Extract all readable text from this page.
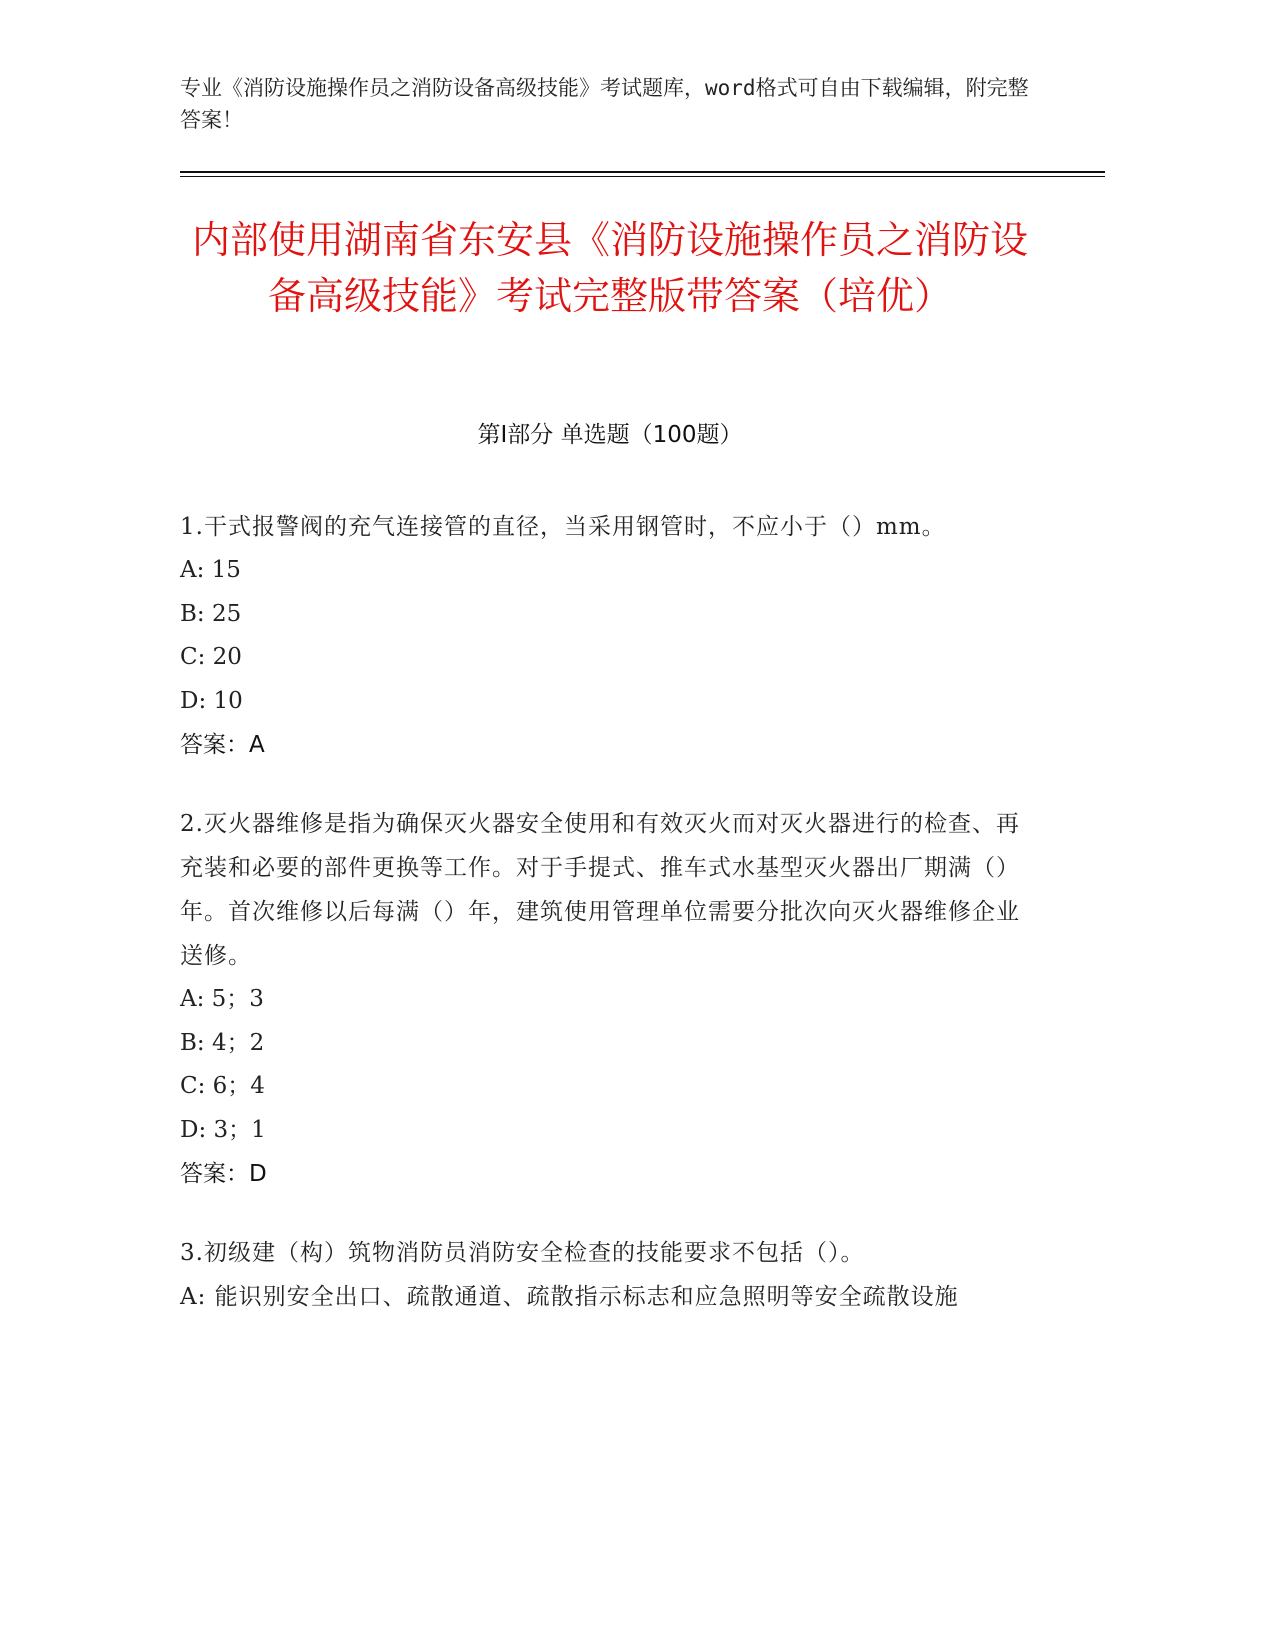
专业《消防设施操作员之消防设备高级技能》考试题库，word格式可自由下载编辑，附完整答案！
内部使用湖南省东安县《消防设施操作员之消防设备高级技能》考试完整版带答案（培优）
第Ⅰ部分 单选题（100题）
1.干式报警阀的充气连接管的直径，当采用钢管时，不应小于（）mm。
A: 15
B: 25
C: 20
D: 10
答案：A
2.灭火器维修是指为确保灭火器安全使用和有效灭火而对灭火器进行的检查、再充装和必要的部件更换等工作。对于手提式、推车式水基型灭火器出厂期满（）年。首次维修以后每满（）年，建筑使用管理单位需要分批次向灭火器维修企业送修。
A: 5；3
B: 4；2
C: 6；4
D: 3；1
答案：D
3.初级建（构）筑物消防员消防安全检查的技能要求不包括（）。
A: 能识别安全出口、疏散通道、疏散指示标志和应急照明等安全疏散设施
